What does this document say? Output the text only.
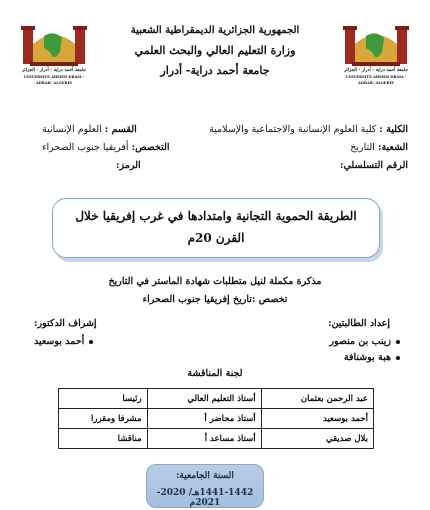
جامعة أحمد دراية - أدرار - الجزائر
UNIVERSITE AHMED DRAIA -ADRAR- ALGERIE
جامعة أحمد دراية - أدرار - الجزائر
UNIVERSITE AHMED DRAIA -ADRAR- ALGERIE
الجمهورية الجزائرية الديمقراطية الشعبية
وزارة التعليم العالي والبحث العلمي
جامعة أحمد دراية- أدرار
الكلية : كلية العلوم الإنسانية والاجتماعية والإسلامية
القسم : العلوم الإنسانية
الشعبة: التاريخ
التخصص: أفريقيا جنوب الصحراء
الرقم التسلسلي:
الرمز:
الطريقة الحموية التجانية وامتدادها في غرب إفريقيا خلال
القرن 20م
مذكرة مكملة لنيل متطلبات شهادة الماستر في التاريخ
تخصص :تاريخ إفريقيا جنوب الصحراء
إعداد الطالبتين:
زينب بن منصور
هبة بوشنافة
إشراف الدكتور:
أحمد بوسعيد
لجنة المناقشة
عبد الرحمن بعثمان	أستاذ التعليم العالي	رئيسا
أحمد بوسعيد	أستاذ محاضر أ	مشرفا ومقررا
بلال صديقي	أستاذ مساعد أ	مناقشا
السنة الجامعية:
1441-1442هـ/ 2020- 2021م
